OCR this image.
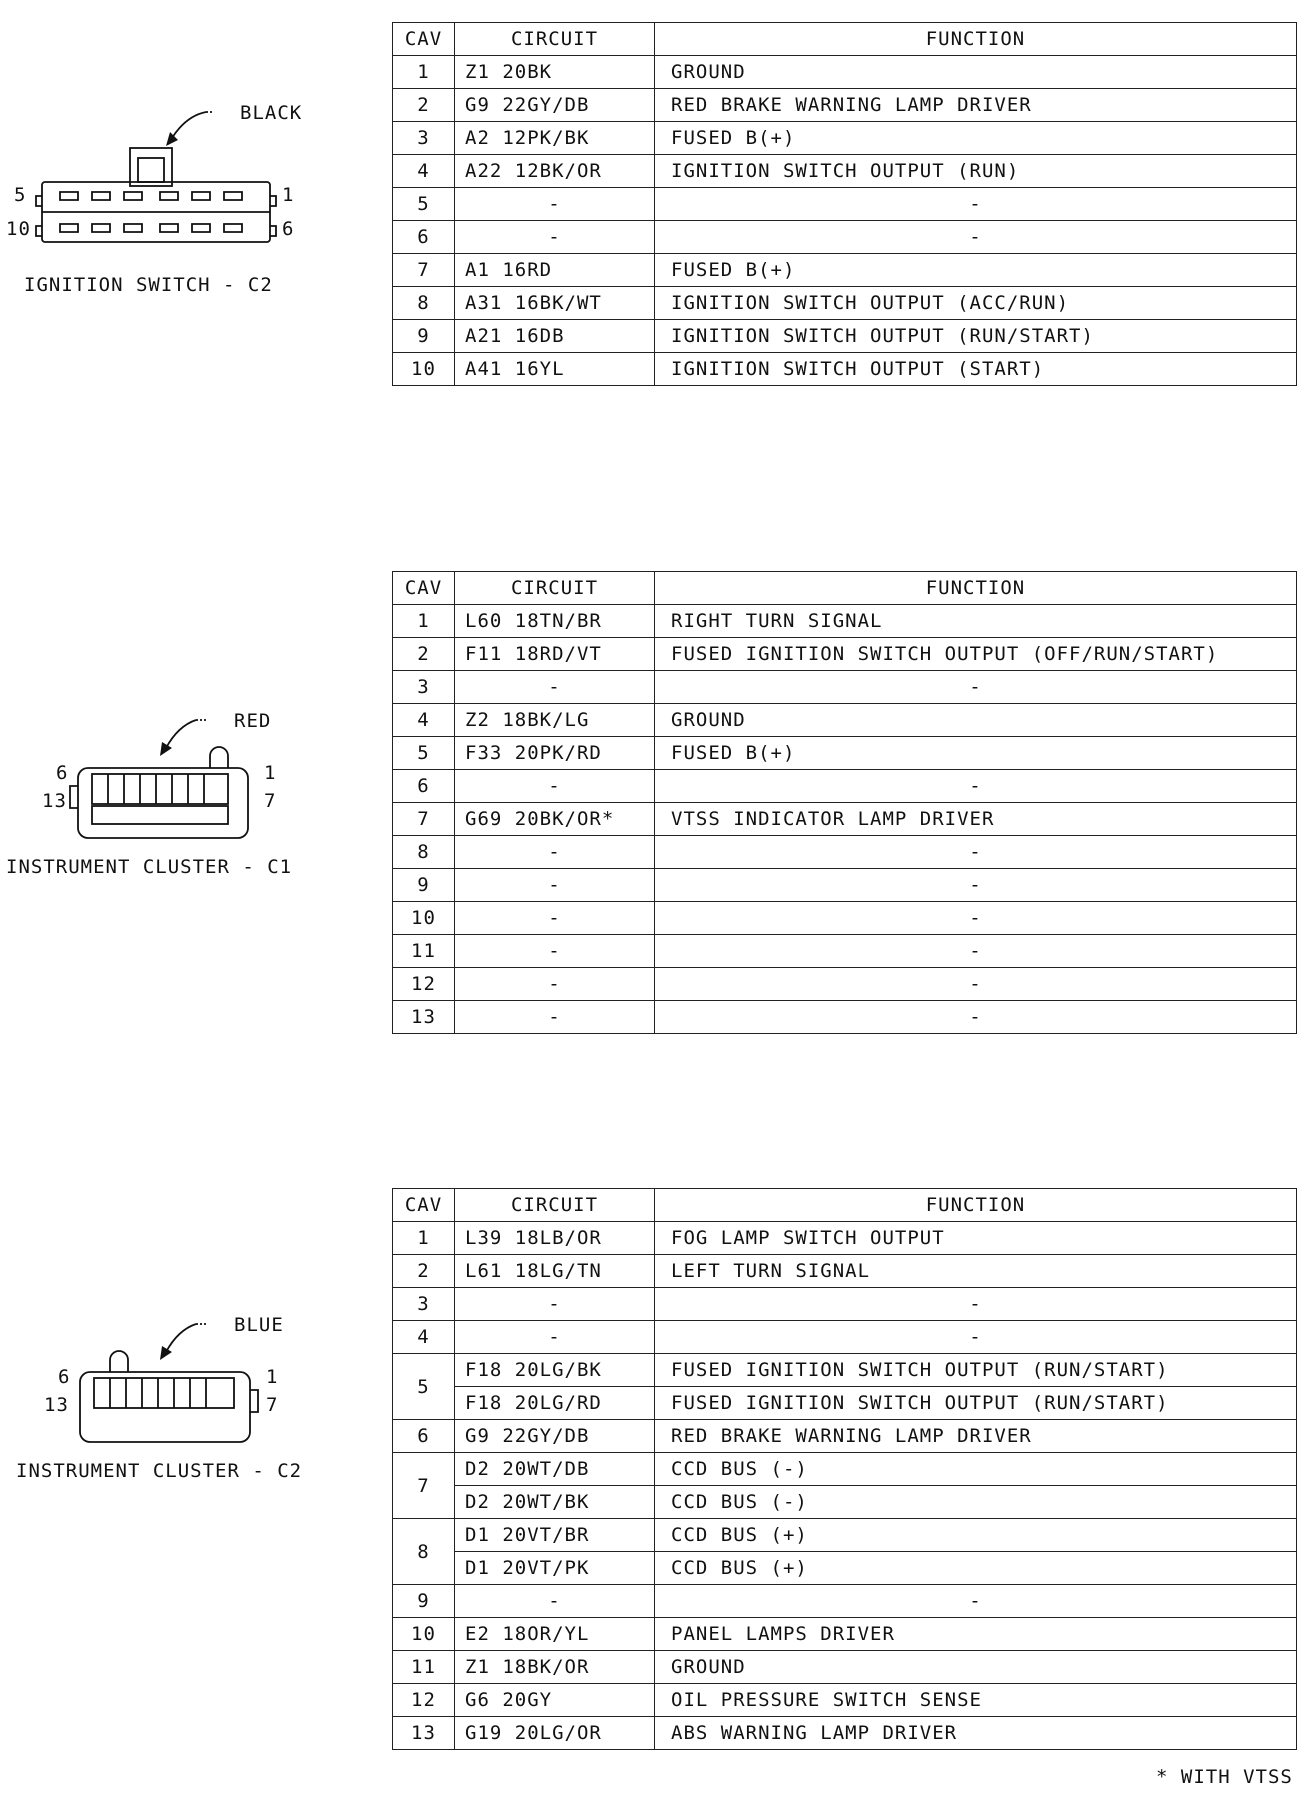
BLACK
5	1
10	6
IGNITION SWITCH - C2
RED
6	1
13	7
INSTRUMENT CLUSTER - C1
BLUE
6	1
13	7
INSTRUMENT CLUSTER - C2
CAV	CIRCUIT	FUNCTION
1	Z1 20BK	GROUND
2	G9 22GY/DB	RED BRAKE WARNING LAMP DRIVER
3	A2 12PK/BK	FUSED B(+)
4	A22 12BK/OR	IGNITION SWITCH OUTPUT (RUN)
5	-	-
6	-	-
7	A1 16RD	FUSED B(+)
8	A31 16BK/WT	IGNITION SWITCH OUTPUT (ACC/RUN)
9	A21 16DB	IGNITION SWITCH OUTPUT (RUN/START)
10	A41 16YL	IGNITION SWITCH OUTPUT (START)
CAV	CIRCUIT	FUNCTION
1	L60 18TN/BR	RIGHT TURN SIGNAL
2	F11 18RD/VT	FUSED IGNITION SWITCH OUTPUT (OFF/RUN/START)
3	-	-
4	Z2 18BK/LG	GROUND
5	F33 20PK/RD	FUSED B(+)
6	-	-
7	G69 20BK/OR*	VTSS INDICATOR LAMP DRIVER
8	-	-
9	-	-
10	-	-
11	-	-
12	-	-
13	-	-
CAV	CIRCUIT	FUNCTION
1	L39 18LB/OR	FOG LAMP SWITCH OUTPUT
2	L61 18LG/TN	LEFT TURN SIGNAL
3	-	-
4	-	-
5	F18 20LG/BK	FUSED IGNITION SWITCH OUTPUT (RUN/START)
	F18 20LG/RD	FUSED IGNITION SWITCH OUTPUT (RUN/START)
6	G9 22GY/DB	RED BRAKE WARNING LAMP DRIVER
7	D2 20WT/DB	CCD BUS (-)
	D2 20WT/BK	CCD BUS (-)
8	D1 20VT/BR	CCD BUS (+)
	D1 20VT/PK	CCD BUS (+)
9	-	-
10	E2 18OR/YL	PANEL LAMPS DRIVER
11	Z1 18BK/OR	GROUND
12	G6 20GY	OIL PRESSURE SWITCH SENSE
13	G19 20LG/OR	ABS WARNING LAMP DRIVER
* WITH VTSS
